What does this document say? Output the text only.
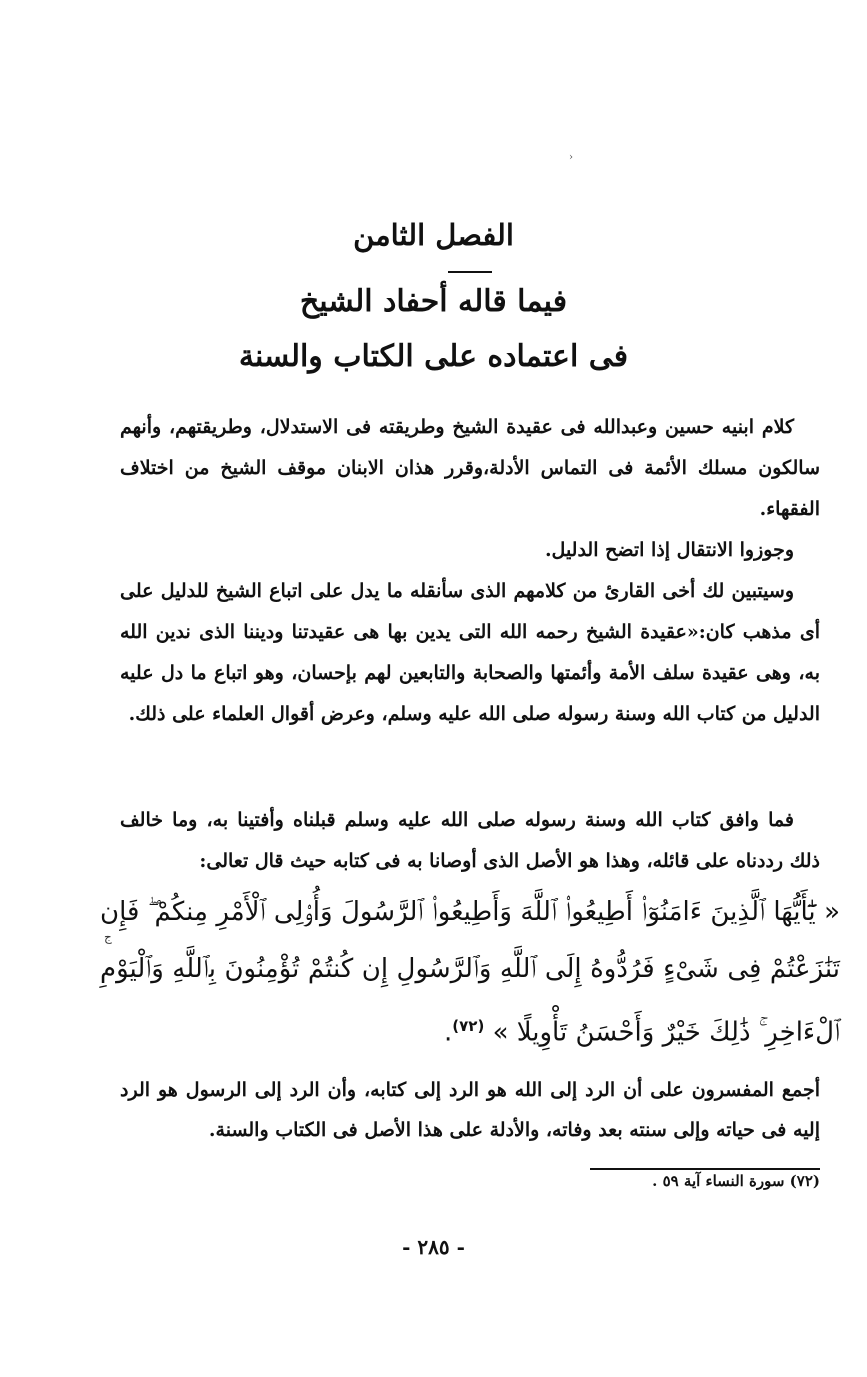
›
الفصل الثامن
فيما قاله أحفاد الشيخ
فى اعتماده على الكتاب والسنة

كلام ابنيه حسين وعبدالله فى عقيدة الشيخ وطريقته فى الاستدلال، وطريقتهم، وأنهم سالكون مسلك الأئمة فى التماس الأدلة،وقرر هذان الابنان موقف الشيخ من اختلاف الفقهاء.

وجوزوا الانتقال إذا اتضح الدليل.

وسيتبين لك أخى القارئ من كلامهم الذى سأنقله ما يدل على اتباع الشيخ للدليل على أى مذهب كان:«عقيدة الشيخ رحمه الله التى يدين بها هى عقيدتنا وديننا الذى ندين الله به، وهى عقيدة سلف الأمة وأئمتها والصحابة والتابعين لهم بإحسان، وهو اتباع ما دل عليه الدليل من كتاب الله وسنة رسوله صلى الله عليه وسلم، وعرض أقوال العلماء على ذلك.

فما وافق كتاب الله وسنة رسوله صلى الله عليه وسلم قبلناه وأفتينا به، وما خالف ذلك رددناه على قائله، وهذا هو الأصل الذى أوصانا به فى كتابه حيث قال تعالى:

ج
« يَٰٓأَيُّهَا ٱلَّذِينَ ءَامَنُوٓا۟ أَطِيعُوا۟ ٱللَّهَ وَأَطِيعُوا۟ ٱلرَّسُولَ وَأُو۟لِى ٱلْأَمْرِ مِنكُمْ ۖ فَإِن تَنَٰزَعْتُمْ فِى شَىْءٍ فَرُدُّوهُ إِلَى ٱللَّهِ وَٱلرَّسُولِ إِن كُنتُمْ تُؤْمِنُونَ بِٱللَّهِ وَٱلْيَوْمِ ٱلْءَاخِرِ ۚ ذَٰلِكَ خَيْرٌ وَأَحْسَنُ تَأْوِيلًا » $^{(٧٢)}$.

أجمع المفسرون على أن الرد إلى الله هو الرد إلى كتابه، وأن الرد إلى الرسول هو الرد إليه فى حياته وإلى سنته بعد وفاته، والأدلة على هذا الأصل فى الكتاب والسنة.

(٧٢) سورة النساء آية ٥٩ .
- ٢٨٥ -
